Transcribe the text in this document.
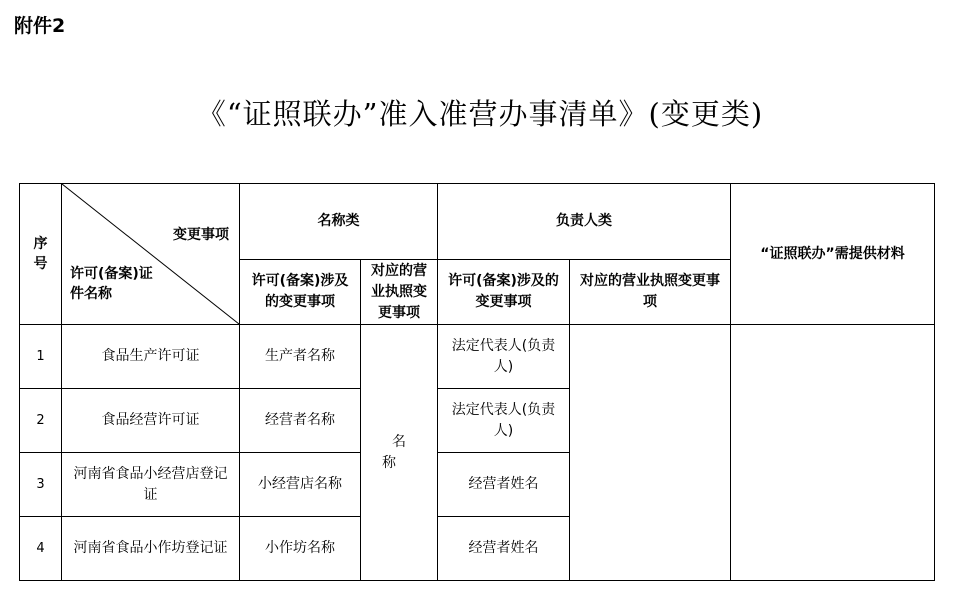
附件2
《“证照联办”准入准营办事清单》(变更类)
序号	变更事项
许可(备案)证件名称	名称类		负责人类		“证照联办”需提供材料
		许可(备案)涉及的变更事项	对应的营业执照变更事项	许可(备案)涉及的变更事项	对应的营业执照变更事项	
1	食品生产许可证	生产者名称	名称	法定代表人(负责人)		
2	食品经营许可证	经营者名称		法定代表人(负责人)		
3	河南省食品小经营店登记证	小经营店名称		经营者姓名		
4	河南省食品小作坊登记证	小作坊名称		经营者姓名		
